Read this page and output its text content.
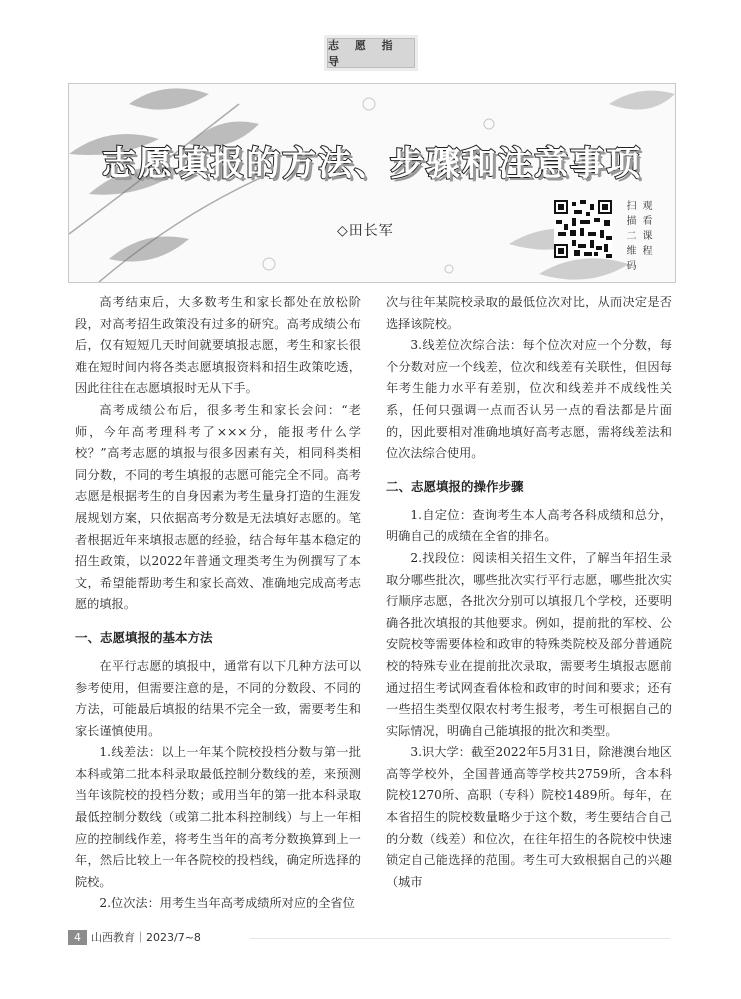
志 愿 指 导
志愿填报的方法、步骤和注意事项
◇田长军	扫描二维码 观看课程

高考结束后，大多数考生和家长都处在放松阶段，对高考招生政策没有过多的研究。高考成绩公布后，仅有短短几天时间就要填报志愿，考生和家长很难在短时间内将各类志愿填报资料和招生政策吃透，因此往往在志愿填报时无从下手。

高考成绩公布后，很多考生和家长会问：“老师，今年高考理科考了×××分，能报考什么学校？”高考志愿的填报与很多因素有关，相同科类相同分数，不同的考生填报的志愿可能完全不同。高考志愿是根据考生的自身因素为考生量身打造的生涯发展规划方案，只依据高考分数是无法填好志愿的。笔者根据近年来填报志愿的经验，结合每年基本稳定的招生政策，以2022年普通文理类考生为例撰写了本文，希望能帮助考生和家长高效、准确地完成高考志愿的填报。

一、志愿填报的基本方法

在平行志愿的填报中，通常有以下几种方法可以参考使用，但需要注意的是，不同的分数段、不同的方法，可能最后填报的结果不完全一致，需要考生和家长谨慎使用。

1.线差法：以上一年某个院校投档分数与第一批本科或第二批本科录取最低控制分数线的差，来预测当年该院校的投档分数；或用当年的第一批本科录取最低控制分数线（或第二批本科控制线）与上一年相应的控制线作差，将考生当年的高考分数换算到上一年，然后比较上一年各院校的投档线，确定所选择的院校。

2.位次法：用考生当年高考成绩所对应的全省位

次与往年某院校录取的最低位次对比，从而决定是否选择该院校。

3.线差位次综合法：每个位次对应一个分数，每个分数对应一个线差，位次和线差有关联性，但因每年考生能力水平有差别，位次和线差并不成线性关系，任何只强调一点而否认另一点的看法都是片面的，因此要相对准确地填好高考志愿，需将线差法和位次法综合使用。

二、志愿填报的操作步骤

1.自定位：查询考生本人高考各科成绩和总分，明确自己的成绩在全省的排名。

2.找段位：阅读相关招生文件，了解当年招生录取分哪些批次，哪些批次实行平行志愿，哪些批次实行顺序志愿，各批次分别可以填报几个学校，还要明确各批次填报的其他要求。例如，提前批的军校、公安院校等需要体检和政审的特殊类院校及部分普通院校的特殊专业在提前批次录取，需要考生填报志愿前通过招生考试网查看体检和政审的时间和要求；还有一些招生类型仅限农村考生报考，考生可根据自己的实际情况，明确自己能填报的批次和类型。

3.识大学：截至2022年5月31日，除港澳台地区高等学校外，全国普通高等学校共2759所，含本科院校1270所、高职（专科）院校1489所。每年，在本省招生的院校数量略少于这个数，考生要结合自己的分数（线差）和位次，在往年招生的各院校中快速锁定自己能选择的范围。考生可大致根据自己的兴趣（城市

4 山西教育｜2023/7~8
